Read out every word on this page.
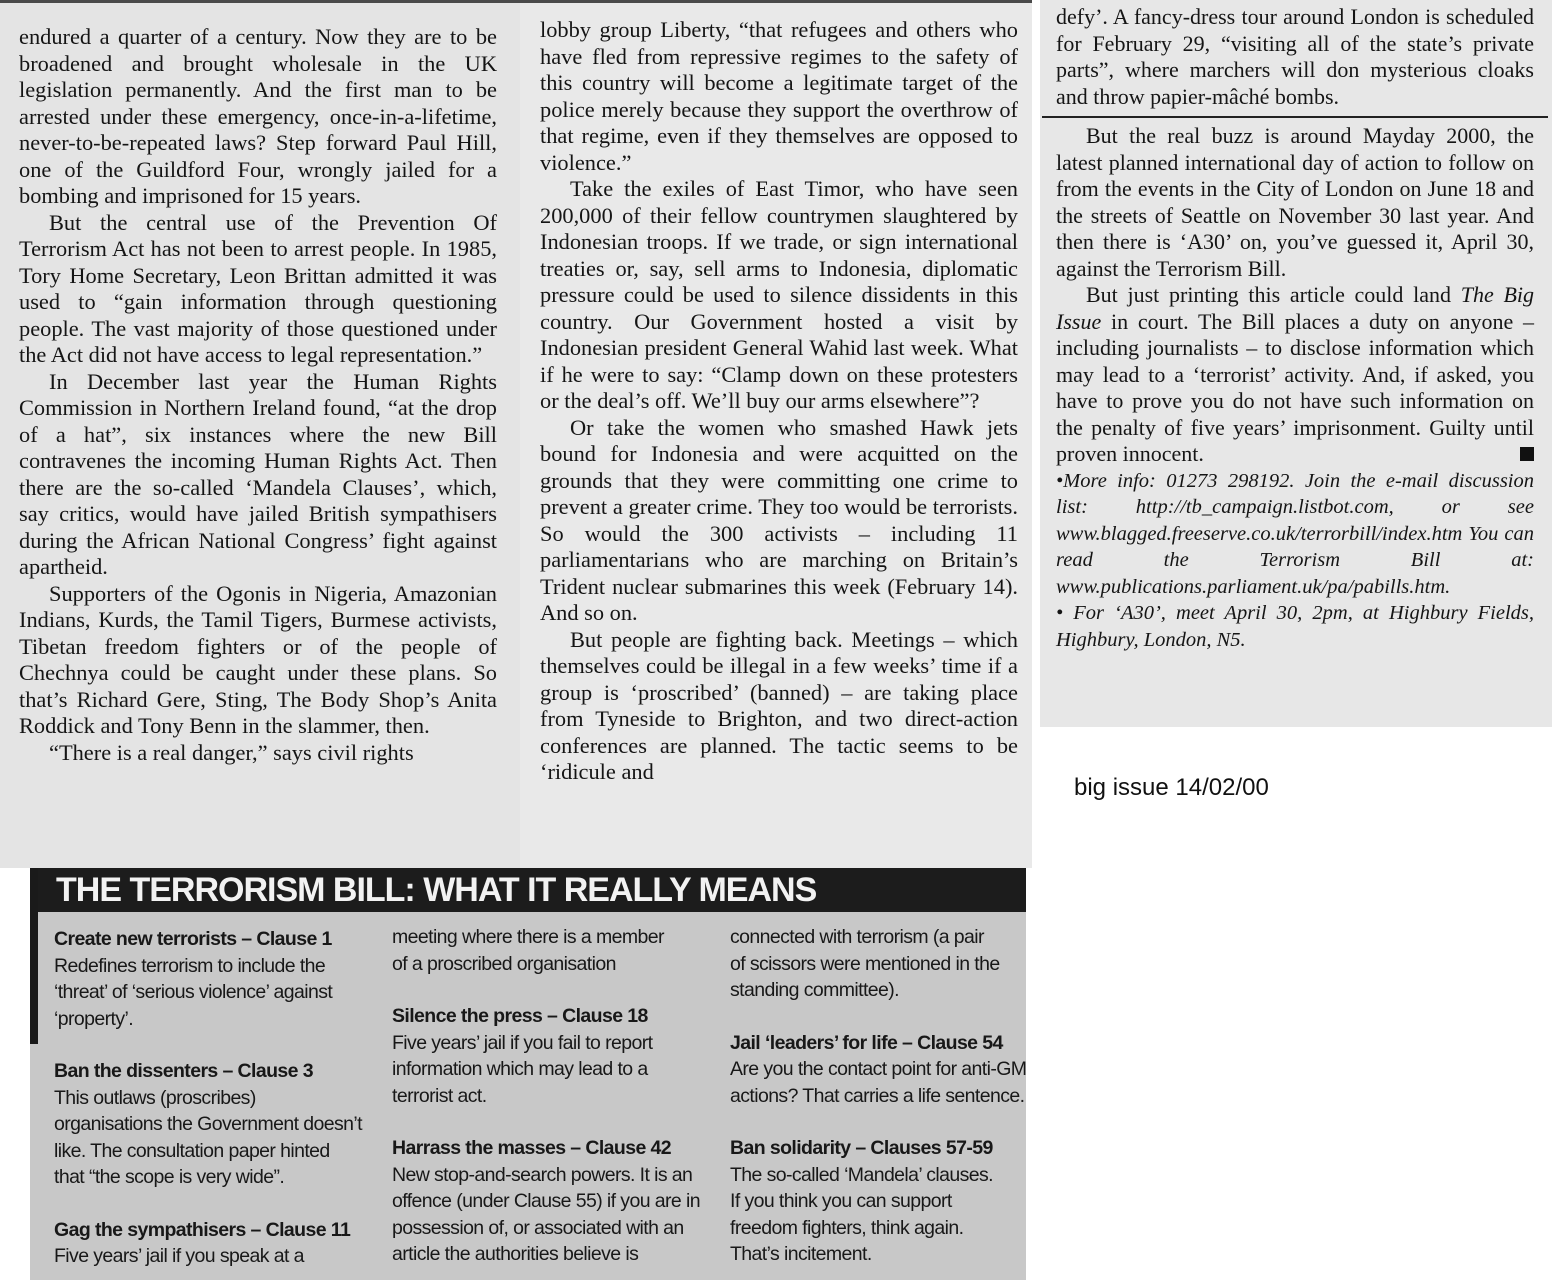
endured a quarter of a century. Now they are to be broadened and brought wholesale in the UK legislation permanently. And the first man to be arrested under these emergency, once-in-a-lifetime, never-to-be-repeated laws? Step forward Paul Hill, one of the Guildford Four, wrongly jailed for a bombing and imprisoned for 15 years.

But the central use of the Prevention Of Terrorism Act has not been to arrest people. In 1985, Tory Home Secretary, Leon Brittan admitted it was used to “gain information through questioning people. The vast majority of those questioned under the Act did not have access to legal representation.”

In December last year the Human Rights Commission in Northern Ireland found, “at the drop of a hat”, six instances where the new Bill contravenes the incoming Human Rights Act. Then there are the so-called ‘Mandela Clauses’, which, say critics, would have jailed British sympathisers during the African National Congress’ fight against apartheid.

Supporters of the Ogonis in Nigeria, Amazonian Indians, Kurds, the Tamil Tigers, Burmese activists, Tibetan freedom fighters or of the people of Chechnya could be caught under these plans. So that’s Richard Gere, Sting, The Body Shop’s Anita Roddick and Tony Benn in the slammer, then.

“There is a real danger,” says civil rights

lobby group Liberty, “that refugees and others who have fled from repressive regimes to the safety of this country will become a legitimate target of the police merely because they support the overthrow of that regime, even if they themselves are opposed to violence.”

Take the exiles of East Timor, who have seen 200,000 of their fellow countrymen slaughtered by Indonesian troops. If we trade, or sign international treaties or, say, sell arms to Indonesia, diplomatic pressure could be used to silence dissidents in this country. Our Government hosted a visit by Indonesian president General Wahid last week. What if he were to say: “Clamp down on these protesters or the deal’s off. We’ll buy our arms elsewhere”?

Or take the women who smashed Hawk jets bound for Indonesia and were acquitted on the grounds that they were committing one crime to prevent a greater crime. They too would be terrorists. So would the 300 activists – including 11 parliamentarians who are marching on Britain’s Trident nuclear submarines this week (February 14). And so on.

But people are fighting back. Meetings – which themselves could be illegal in a few weeks’ time if a group is ‘proscribed’ (banned) – are taking place from Tyneside to Brighton, and two direct-action conferences are planned. The tactic seems to be ‘ridicule and

defy’. A fancy-dress tour around London is scheduled for February 29, “visiting all of the state’s private parts”, where marchers will don mysterious cloaks and throw papier-mâché bombs.

But the real buzz is around Mayday 2000, the latest planned international day of action to follow on from the events in the City of London on June 18 and the streets of Seattle on November 30 last year. And then there is ‘A30’ on, you’ve guessed it, April 30, against the Terrorism Bill.

But just printing this article could land The Big Issue in court. The Bill places a duty on anyone – including journalists – to disclose information which may lead to a ‘terrorist’ activity. And, if asked, you have to prove you do not have such information on the penalty of five years’ imprisonment. Guilty until proven innocent.

•More info: 01273 298192. Join the e-mail discussion list: http://tb_campaign.listbot.com, or see www.blagged.freeserve.co.uk/terrorbill/index.htm You can read the Terrorism Bill at: www.publications.parliament.uk/pa/pabills.htm.

• For ‘A30’, meet April 30, 2pm, at Highbury Fields, Highbury, London, N5.

big issue 14/02/00
THE TERRORISM BILL: WHAT IT REALLY MEANS
Create new terrorists – Clause 1
Redefines terrorism to include the
‘threat’ of ‘serious violence’ against
‘property’.
Ban the dissenters – Clause 3
This outlaws (proscribes)
organisations the Government doesn’t
like. The consultation paper hinted
that “the scope is very wide”.
Gag the sympathisers – Clause 11
Five years’ jail if you speak at a
meeting where there is a member
of a proscribed organisation
Silence the press – Clause 18
Five years’ jail if you fail to report
information which may lead to a
terrorist act.
Harrass the masses – Clause 42
New stop-and-search powers. It is an
offence (under Clause 55) if you are in
possession of, or associated with an
article the authorities believe is
connected with terrorism (a pair
of scissors were mentioned in the
standing committee).
Jail ‘leaders’ for life – Clause 54
Are you the contact point for anti-GM
actions? That carries a life sentence.
Ban solidarity – Clauses 57-59
The so-called ‘Mandela’ clauses.
If you think you can support
freedom fighters, think again.
That’s incitement.
